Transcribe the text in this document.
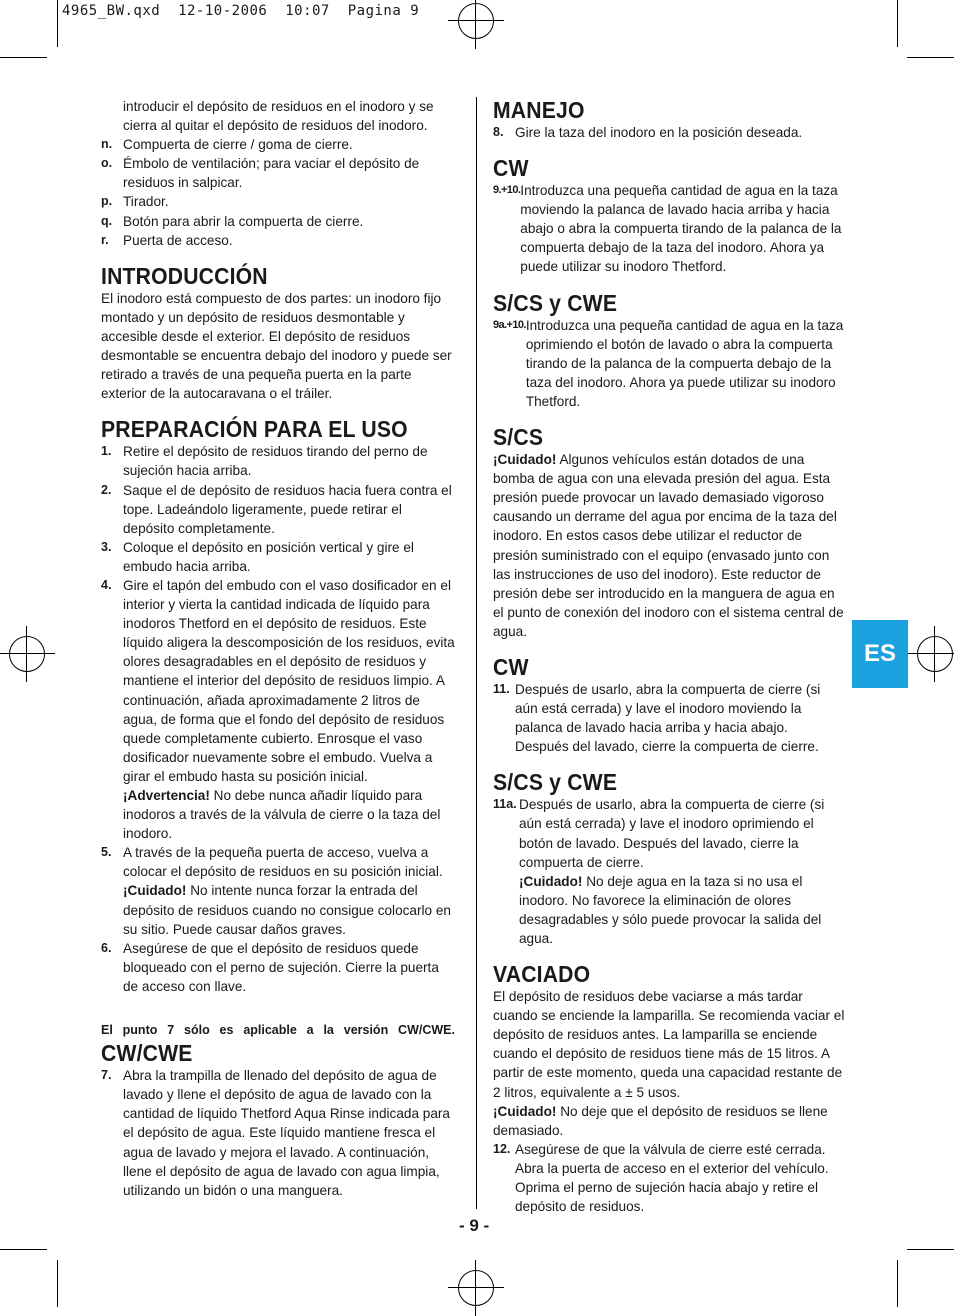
4965_BW.qxd  12-10-2006  10:07  Pagina 9

introducir el depósito de residuos en el inodoro y se cierra al quitar el depósito de residuos del inodoro.

n. Compuerta de cierre / goma de cierre.
o. Émbolo de ventilación; para vaciar el depósito de residuos in salpicar.
p. Tirador.
q. Botón para abrir la compuerta de cierre.
r.	Puerta de acceso.
INTRODUCCIÓN

El inodoro está compuesto de dos partes: un inodoro fijo montado y un depósito de residuos desmontable y accesible desde el exterior. El depósito de residuos desmontable se encuentra debajo del inodoro y puede ser retirado a través de una pequeña puerta en la parte exterior de la autocaravana o el tráiler.

PREPARACIÓN PARA EL USO
1. Retire el depósito de residuos tirando del perno de sujeción hacia arriba.
2. Saque el de depósito de residuos hacia fuera contra el tope. Ladeándolo ligeramente, puede retirar el depósito completamente.
3. Coloque el depósito en posición vertical y gire el embudo hacia arriba.
4. Gire el tapón del embudo con el vaso dosificador en el interior y vierta la cantidad indicada de líquido para inodoros Thetford en el depósito de residuos. Este líquido aligera la descomposición de los residuos, evita olores desagradables en el depósito de residuos y mantiene el interior del depósito de residuos limpio. A continuación, añada aproximadamente 2 litros de agua, de forma que el fondo del depósito de residuos quede completamente cubierto. Enrosque el vaso dosificador nuevamente sobre el embudo. Vuelva a girar el embudo hasta su posición inicial.

¡Advertencia! No debe nunca añadir líquido para inodoros a través de la válvula de cierre o la taza del inodoro.

5. A través de la pequeña puerta de acceso, vuelva a colocar el depósito de residuos en su posición inicial.

¡Cuidado! No intente nunca forzar la entrada del depósito de residuos cuando no consigue colocarlo en su sitio. Puede causar daños graves.

6. Asegúrese de que el depósito de residuos quede bloqueado con el perno de sujeción. Cierre la puerta de acceso con llave.

El punto 7 sólo es aplicable a la versión CW/CWE.

CW/CWE
7. Abra la trampilla de llenado del depósito de agua de lavado y llene el depósito de agua de lavado con la cantidad de líquido Thetford Aqua Rinse indicada para el depósito de agua. Este líquido mantiene fresca el agua de lavado y mejora el lavado. A continuación, llene el depósito de agua de lavado con agua limpia, utilizando un bidón o una manguera.
MANEJO
8. Gire la taza del inodoro en la posición deseada.
CW
9.+10. Introduzca una pequeña cantidad de agua en la taza moviendo la palanca de lavado hacia arriba y hacia abajo o abra la compuerta tirando de la palanca de la compuerta debajo de la taza del inodoro. Ahora ya puede utilizar su inodoro Thetford.
S/CS y CWE
9a.+10. Introduzca una pequeña cantidad de agua en la taza oprimiendo el botón de lavado o abra la compuerta tirando de la palanca de la compuerta debajo de la taza del inodoro. Ahora ya puede utilizar su inodoro Thetford.
S/CS

¡Cuidado! Algunos vehículos están dotados de una bomba de agua con una elevada presión del agua. Esta presión puede provocar un lavado demasiado vigoroso causando un derrame del agua por encima de la taza del inodoro. En estos casos debe utilizar el reductor de presión suministrado con el equipo (envasado junto con las instrucciones de uso del inodoro). Este reductor de presión debe ser introducido en la manguera de agua en el punto de conexión del inodoro con el sistema central de agua.

CW
11. Después de usarlo, abra la compuerta de cierre (si aún está cerrada) y lave el inodoro moviendo la palanca de lavado hacia arriba y hacia abajo. Después del lavado, cierre la compuerta de cierre.
S/CS y CWE
11a. Después de usarlo, abra la compuerta de cierre (si aún está cerrada) y lave el inodoro oprimiendo el botón de lavado. Después del lavado, cierre la compuerta de cierre.

¡Cuidado! No deje agua en la taza si no usa el inodoro. No favorece la eliminación de olores desagradables y sólo puede provocar la salida del agua.

VACIADO

El depósito de residuos debe vaciarse a más tardar cuando se enciende la lamparilla. Se recomienda vaciar el depósito de residuos antes. La lamparilla se enciende cuando el depósito de residuos tiene más de 15 litros. A partir de este momento, queda una capacidad restante de 2 litros, equivalente a ± 5 usos.

¡Cuidado! No deje que el depósito de residuos se llene demasiado.

12. Asegúrese de que la válvula de cierre esté cerrada. Abra la puerta de acceso en el exterior del vehículo. Oprima el perno de sujeción hacia abajo y retire el depósito de residuos.
ES
- 9 -
